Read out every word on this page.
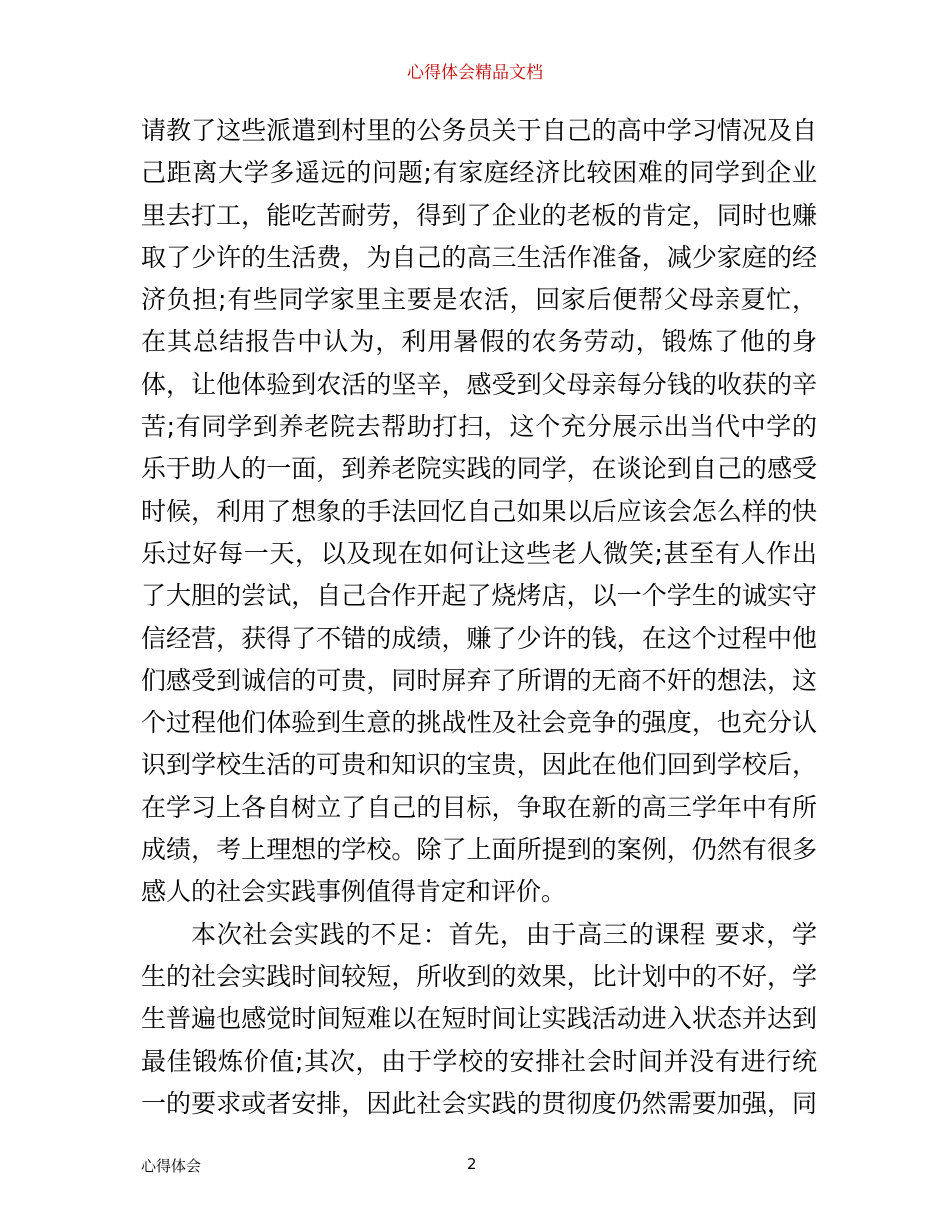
心得体会精品文档
请教了这些派遣到村里的公务员关于自己的高中学习情况及自
己距离大学多遥远的问题;有家庭经济比较困难的同学到企业
里去打工，能吃苦耐劳，得到了企业的老板的肯定，同时也赚
取了少许的生活费，为自己的高三生活作准备，减少家庭的经
济负担;有些同学家里主要是农活，回家后便帮父母亲夏忙，
在其总结报告中认为，利用暑假的农务劳动，锻炼了他的身
体，让他体验到农活的坚辛，感受到父母亲每分钱的收获的辛
苦;有同学到养老院去帮助打扫，这个充分展示出当代中学的
乐于助人的一面，到养老院实践的同学，在谈论到自己的感受
时候，利用了想象的手法回忆自己如果以后应该会怎么样的快
乐过好每一天，以及现在如何让这些老人微笑;甚至有人作出
了大胆的尝试，自己合作开起了烧烤店，以一个学生的诚实守
信经营，获得了不错的成绩，赚了少许的钱，在这个过程中他
们感受到诚信的可贵，同时屏弃了所谓的无商不奸的想法，这
个过程他们体验到生意的挑战性及社会竞争的强度，也充分认
识到学校生活的可贵和知识的宝贵，因此在他们回到学校后，
在学习上各自树立了自己的目标，争取在新的高三学年中有所
成绩，考上理想的学校。除了上面所提到的案例，仍然有很多
感人的社会实践事例值得肯定和评价。
本次社会实践的不足：首先，由于高三的课程 要求，学
生的社会实践时间较短，所收到的效果，比计划中的不好，学
生普遍也感觉时间短难以在短时间让实践活动进入状态并达到
最佳锻炼价值;其次，由于学校的安排社会时间并没有进行统
一的要求或者安排，因此社会实践的贯彻度仍然需要加强，同
心得体会	2
